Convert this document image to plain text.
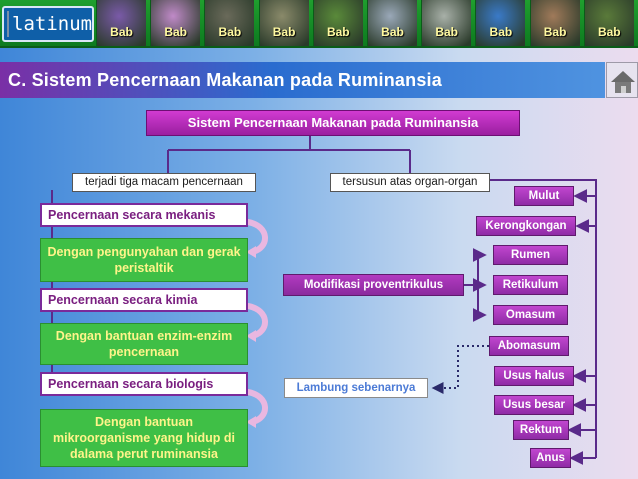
latinum	Bab	Bab	Bab	Bab	Bab	Bab	Bab	Bab	Bab	Bab
C. Sistem Pencernaan Makanan pada Ruminansia
Sistem Pencernaan Makanan pada Ruminansia
terjadi tiga macam pencernaan	tersusun atas organ-organ
Pencernaan secara mekanis
Dengan pengunyahan dan gerak peristaltik
Pencernaan secara kimia
Dengan bantuan enzim-enzim pencernaan
Pencernaan secara biologis
Dengan bantuan mikroorganisme yang hidup di dalama perut ruminansia
Modifikasi proventrikulus
Lambung sebenarnya
Mulut
Kerongkongan
Rumen
Retikulum
Omasum
Abomasum
Usus halus
Usus besar
Rektum
Anus
